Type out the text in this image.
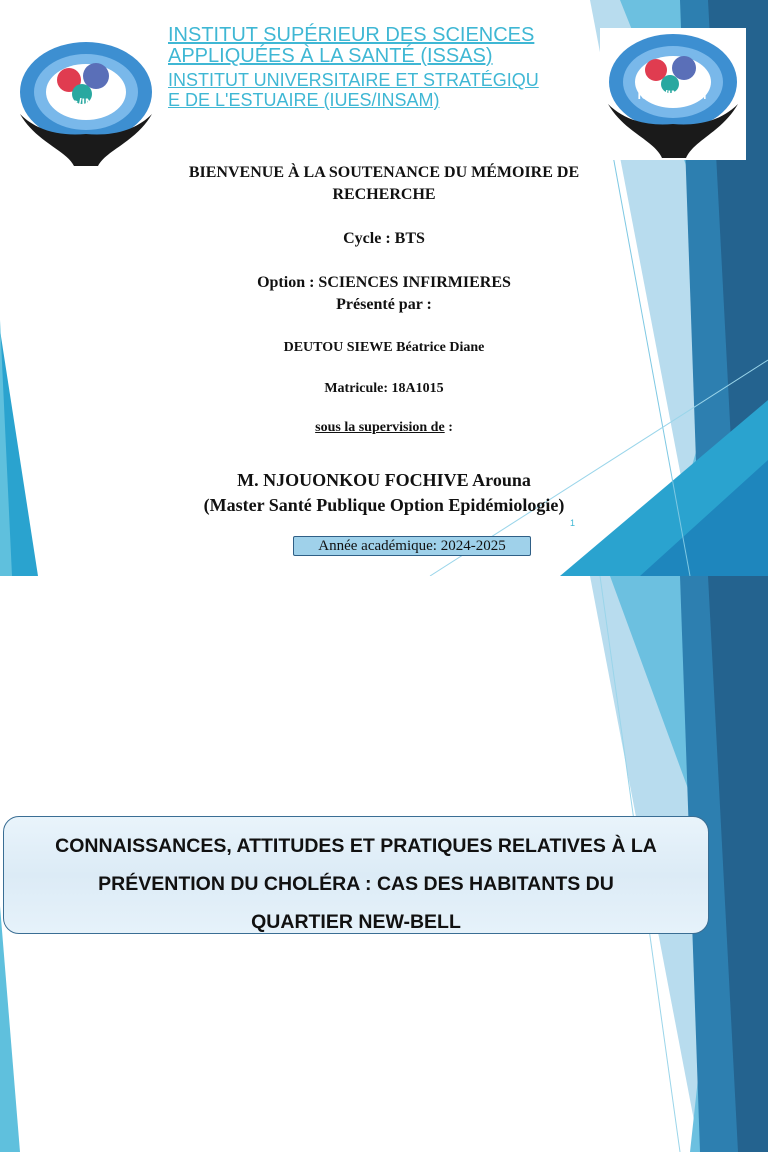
IUEs/INSAM
IUEs/INSAM
INSTITUT SUPÉRIEUR DES SCIENCES
APPLIQUÉES À LA SANTÉ (ISSAS)
INSTITUT UNIVERSITAIRE ET STRATÉGIQU
E DE L'ESTUAIRE (IUES/INSAM)
BIENVENUE À LA SOUTENANCE DU MÉMOIRE DE
RECHERCHE
Cycle : BTS
Option : SCIENCES INFIRMIERES
Présenté par :
DEUTOU SIEWE Béatrice Diane
Matricule: 18A1015
sous la supervision de :
M. NJOUONKOU FOCHIVE Arouna
(Master Santé Publique Option Epidémiologie)
Année académique: 2024-2025
1
CONNAISSANCES, ATTITUDES ET PRATIQUES RELATIVES À LA
PRÉVENTION DU CHOLÉRA : CAS DES HABITANTS DU
QUARTIER NEW-BELL
